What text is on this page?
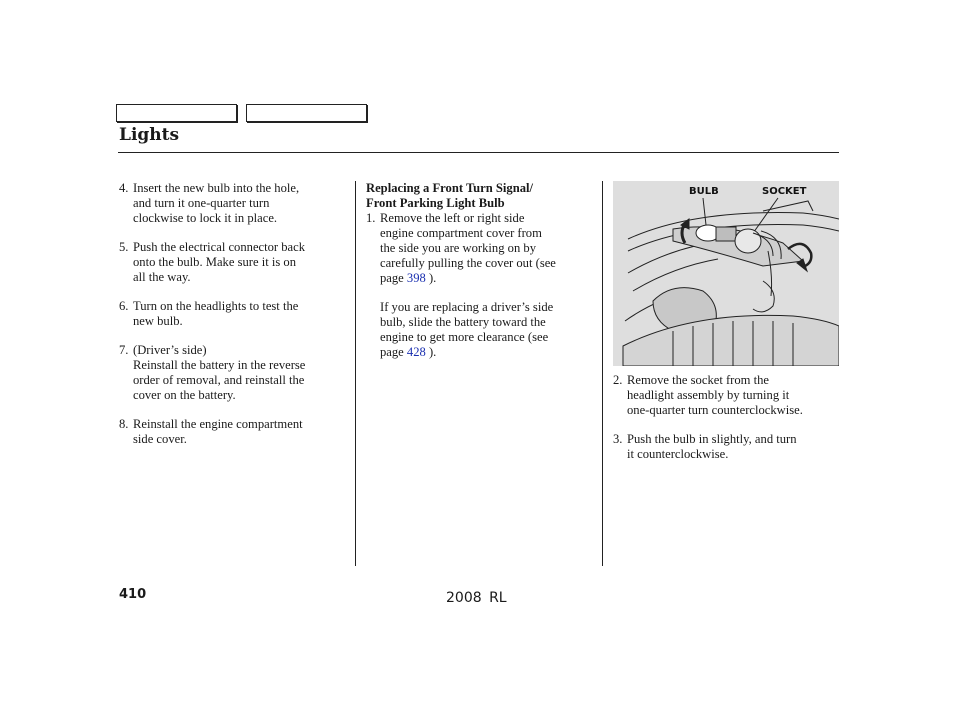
Lights
4. Insert the new bulb into the hole,
and turn it one-quarter turn
clockwise to lock it in place.
5. Push the electrical connector back
onto the bulb. Make sure it is on
all the way.
6. Turn on the headlights to test the
new bulb.
7. (Driver’s side)
Reinstall the battery in the reverse
order of removal, and reinstall the
cover on the battery.
8. Reinstall the engine compartment
side cover.
Replacing a Front Turn Signal/
Front Parking Light Bulb
1. Remove the left or right side
engine compartment cover from
the side you are working on by
carefully pulling the cover out (see
page 398 ).
If you are replacing a driver’s side
bulb, slide the battery toward the
engine to get more clearance (see
page 428 ).
BULB	SOCKET
2. Remove the socket from the
headlight assembly by turning it
one-quarter turn counterclockwise.
3. Push the bulb in slightly, and turn
it counterclockwise.
410	2008 RL
